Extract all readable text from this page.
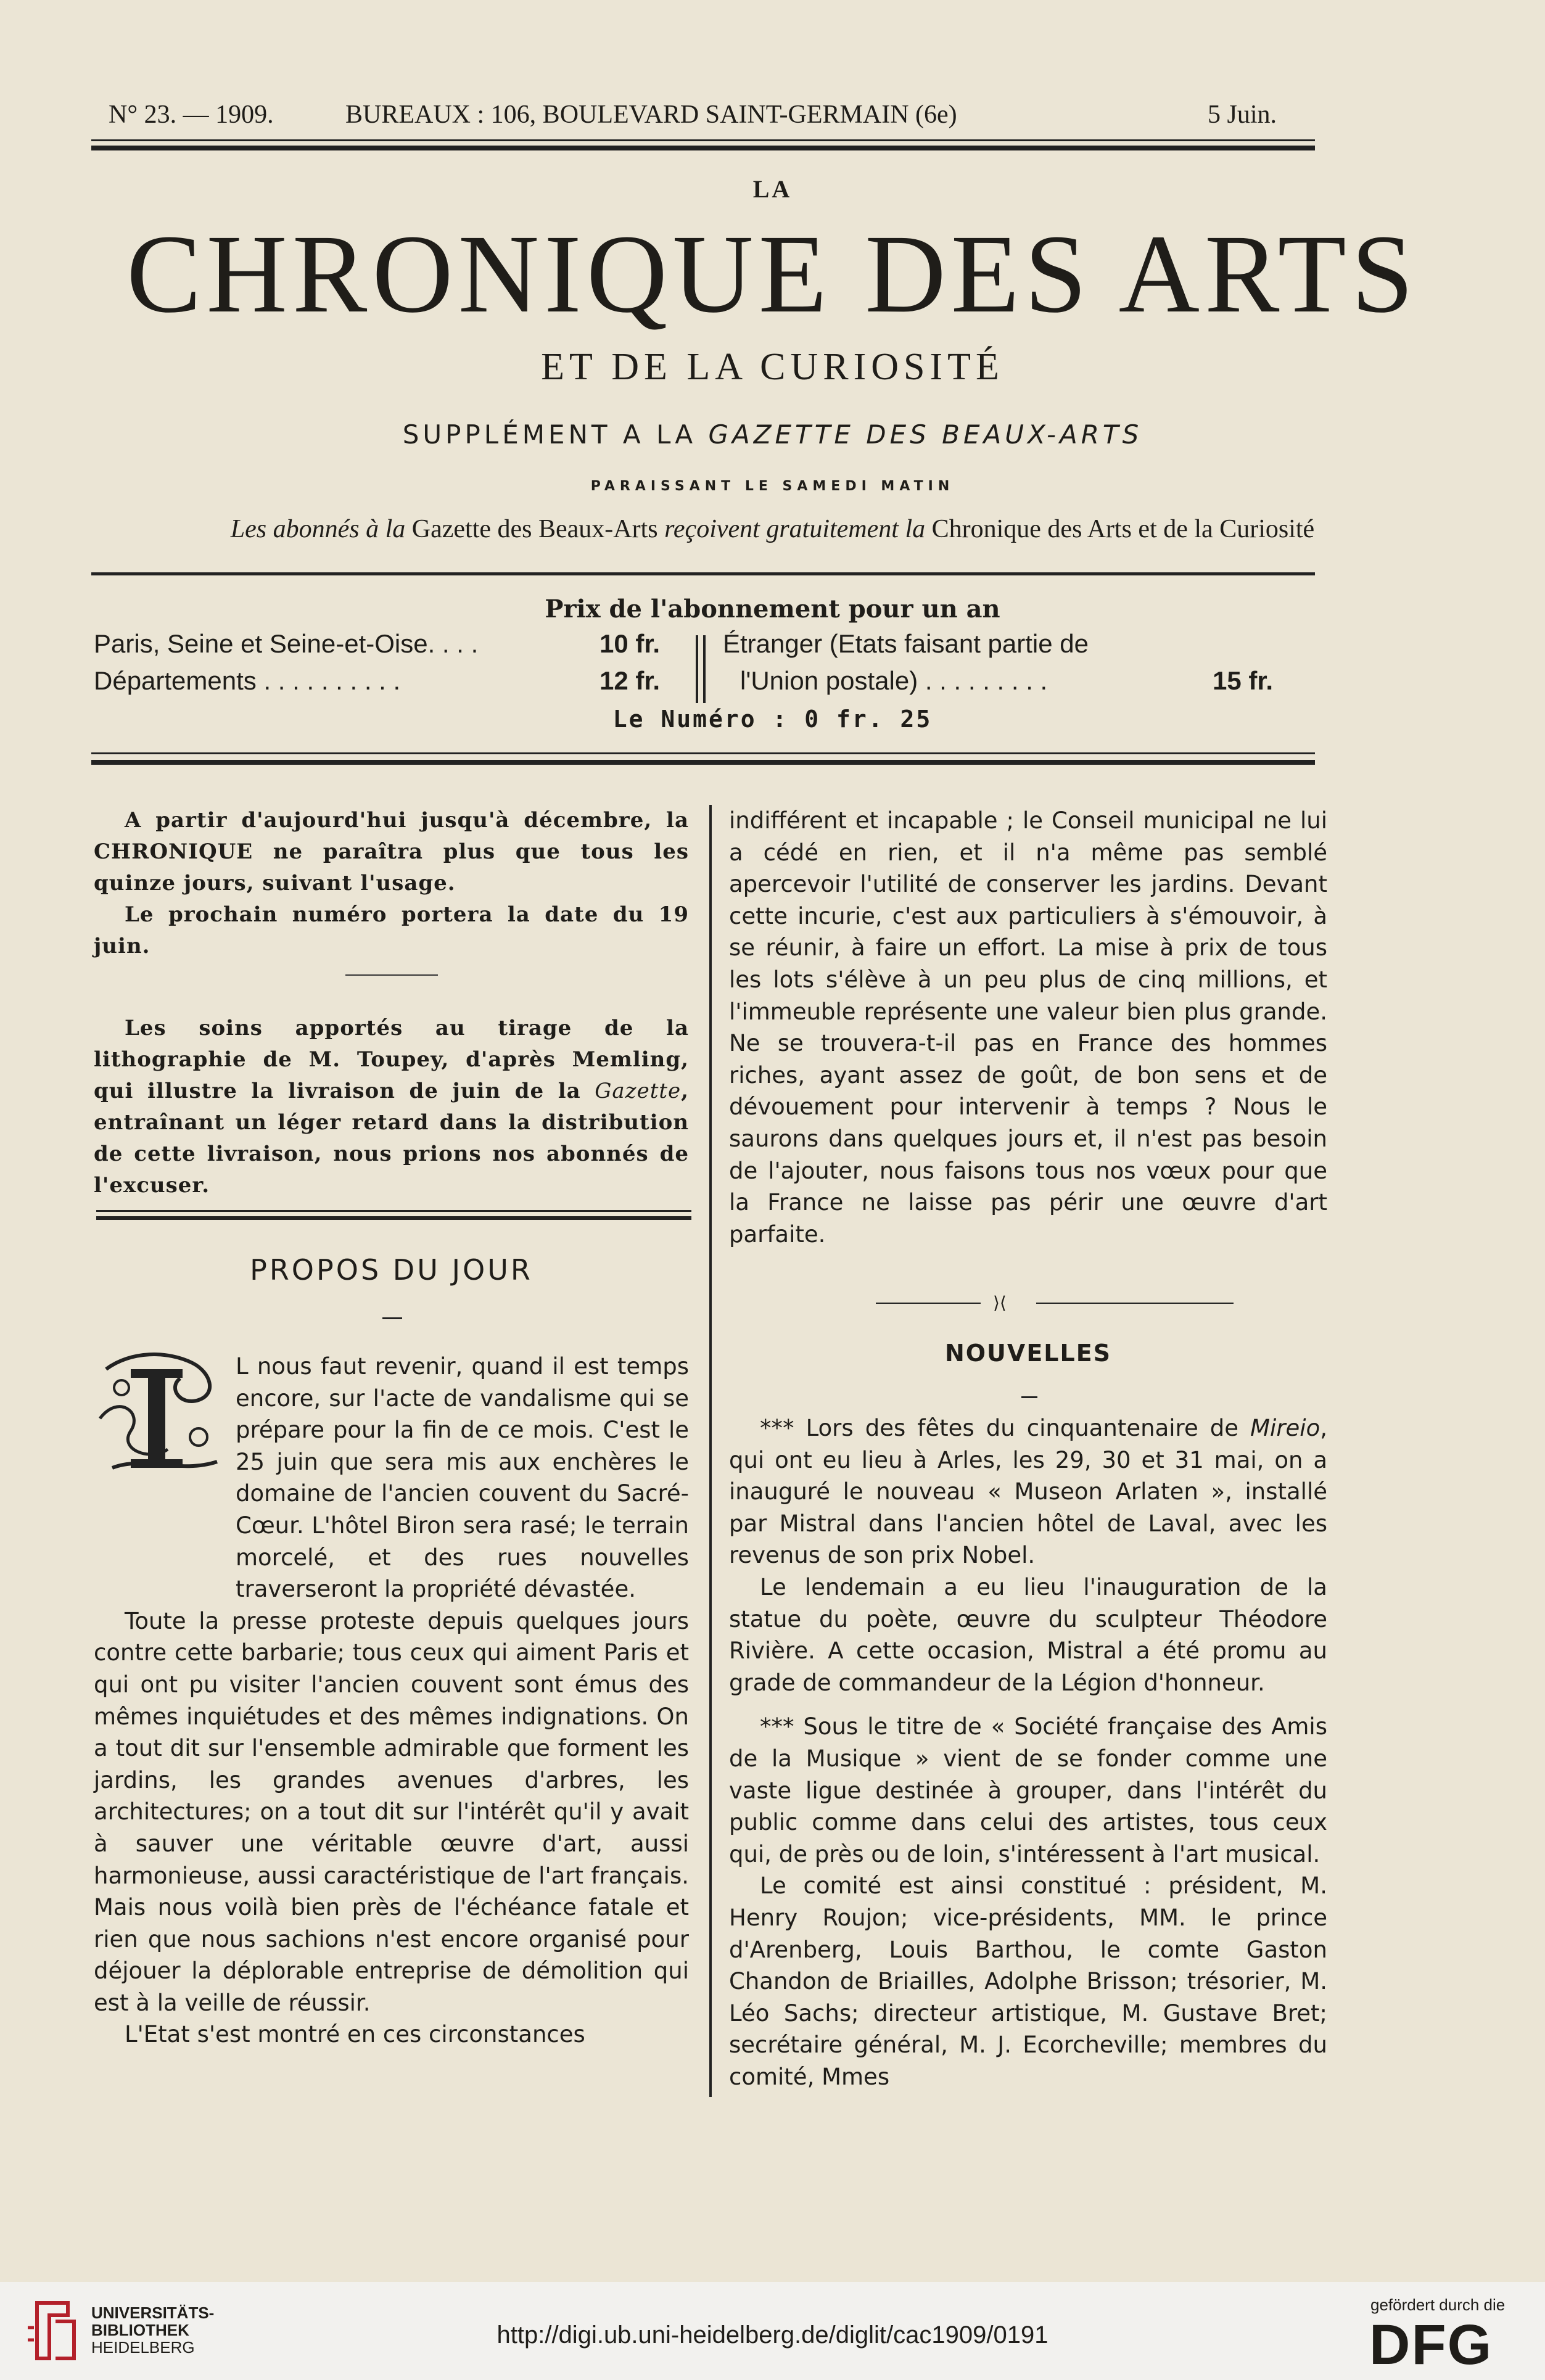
N° 23. — 1909.	BUREAUX : 106, BOULEVARD SAINT-GERMAIN (6e)	5 Juin.
LA
CHRONIQUE DES ARTS
ET DE LA CURIOSITÉ
SUPPLÉMENT A LA GAZETTE DES BEAUX-ARTS
PARAISSANT LE SAMEDI MATIN
Les abonnés à la Gazette des Beaux-Arts reçoivent gratuitement la Chronique des Arts et de la Curiosité
Prix de l'abonnement pour un an
Paris, Seine et Seine-et-Oise. . . .	10 fr.
Départements . . . . . . . . . .	12 fr.
Étranger (Etats faisant partie de
l'Union postale) . . . . . . . . .	15 fr.
Le Numéro : 0 fr. 25

A partir d'aujourd'hui jusqu'à décembre, la CHRONIQUE ne paraîtra plus que tous les quinze jours, suivant l'usage.

Le prochain numéro portera la date du 19 juin.

Les soins apportés au tirage de la lithographie de M. Toupey, d'après Memling, qui illustre la livraison de juin de la Gazette, entraînant un léger retard dans la distribution de cette livraison, nous prions nos abonnés de l'excuser.

PROPOS DU JOUR

L nous faut revenir, quand il est temps encore, sur l'acte de vandalisme qui se prépare pour la fin de ce mois. C'est le 25 juin que sera mis aux enchères le domaine de l'ancien couvent du Sacré-Cœur. L'hôtel Biron sera rasé; le terrain morcelé, et des rues nouvelles traverseront la propriété dévastée.

Toute la presse proteste depuis quelques jours contre cette barbarie; tous ceux qui aiment Paris et qui ont pu visiter l'ancien couvent sont émus des mêmes inquiétudes et des mêmes indignations. On a tout dit sur l'ensemble admirable que forment les jardins, les grandes avenues d'arbres, les architectures; on a tout dit sur l'intérêt qu'il y avait à sauver une véritable œuvre d'art, aussi harmonieuse, aussi caractéristique de l'art français. Mais nous voilà bien près de l'échéance fatale et rien que nous sachions n'est encore organisé pour déjouer la déplorable entreprise de démolition qui est à la veille de réussir.

L'Etat s'est montré en ces circonstances

indifférent et incapable ; le Conseil municipal ne lui a cédé en rien, et il n'a même pas semblé apercevoir l'utilité de conserver les jardins. Devant cette incurie, c'est aux particuliers à s'émouvoir, à se réunir, à faire un effort. La mise à prix de tous les lots s'élève à un peu plus de cinq millions, et l'immeuble représente une valeur bien plus grande. Ne se trouvera-t-il pas en France des hommes riches, ayant assez de goût, de bon sens et de dévouement pour intervenir à temps ? Nous le saurons dans quelques jours et, il n'est pas besoin de l'ajouter, nous faisons tous nos vœux pour que la France ne laisse pas périr une œuvre d'art parfaite.

⟩⟨
NOUVELLES

*** Lors des fêtes du cinquantenaire de Mireio, qui ont eu lieu à Arles, les 29, 30 et 31 mai, on a inauguré le nouveau « Museon Arlaten », installé par Mistral dans l'ancien hôtel de Laval, avec les revenus de son prix Nobel.

Le lendemain a eu lieu l'inauguration de la statue du poète, œuvre du sculpteur Théodore Rivière. A cette occasion, Mistral a été promu au grade de commandeur de la Légion d'honneur.

*** Sous le titre de « Société française des Amis de la Musique » vient de se fonder comme une vaste ligue destinée à grouper, dans l'intérêt du public comme dans celui des artistes, tous ceux qui, de près ou de loin, s'intéressent à l'art musical.

Le comité est ainsi constitué : président, M. Henry Roujon; vice-présidents, MM. le prince d'Arenberg, Louis Barthou, le comte Gaston Chandon de Briailles, Adolphe Brisson; trésorier, M. Léo Sachs; directeur artistique, M. Gustave Bret; secrétaire général, M. J. Ecorcheville; membres du comité, Mmes

UNIVERSITÄTS-
BIBLIOTHEK
HEIDELBERG	http://digi.ub.uni-heidelberg.de/diglit/cac1909/0191
gefördert durch die
DFG
